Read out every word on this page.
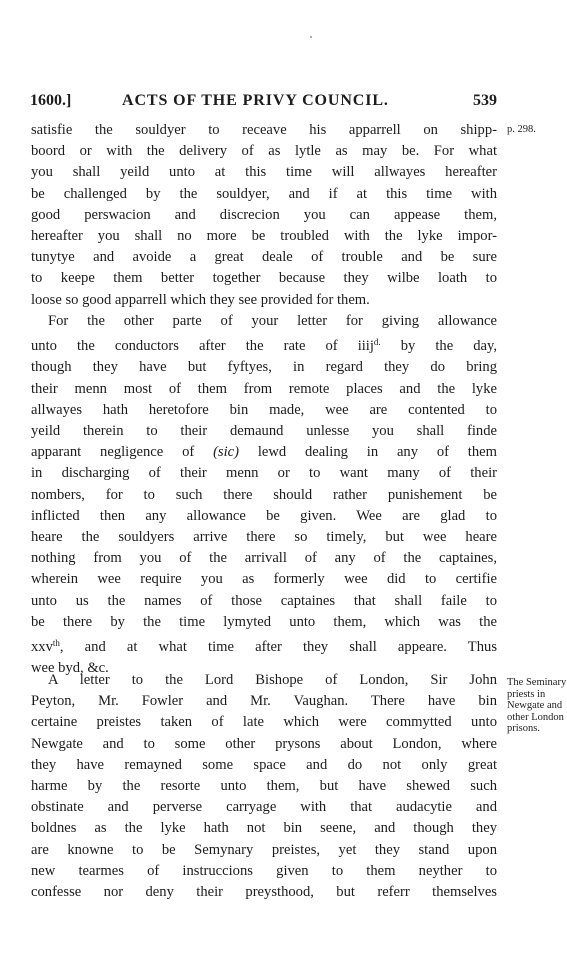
1600.]	ACTS OF THE PRIVY COUNCIL.	539
satisfie the souldyer to receave his apparrell on shipp-
boord or with the delivery of as lytle as may be. For what
you shall yeild unto at this time will allwayes hereafter
be challenged by the souldyer, and if at this time with
good perswacion and discrecion you can appease them,
hereafter you shall no more be troubled with the lyke impor-
tunytye and avoide a great deale of trouble and be sure
to keepe them better together because they wilbe loath to
loose so good apparrell which they see provided for them.
p. 298.
For the other parte of your letter for giving allowance
unto the conductors after the rate of iiij$^{d.}$ by the day,
though they have but fyftyes, in regard they do bring
their menn most of them from remote places and the lyke
allwayes hath heretofore bin made, wee are contented to
yeild therein to their demaund unlesse you shall finde
apparant negligence of (sic) lewd dealing in any of them
in discharging of their menn or to want many of their
nombers, for to such there should rather punishement be
inflicted then any allowance be given. Wee are glad to
heare the souldyers arrive there so timely, but wee heare
nothing from you of the arrivall of any of the captaines,
wherein wee require you as formerly wee did to certifie
unto us the names of those captaines that shall faile to
be there by the time lymyted unto them, which was the
xxv$^{th}$, and at what time after they shall appeare. Thus
wee byd, &c.
A letter to the Lord Bishope of London, Sir John
Peyton, Mr. Fowler and Mr. Vaughan. There have bin
certaine preistes taken of late which were commytted unto
Newgate and to some other prysons about London, where
they have remayned some space and do not only great
harme by the resorte unto them, but have shewed such
obstinate and perverse carryage with that audacytie and
boldnes as the lyke hath not bin seene, and though they
are knowne to be Semynary preistes, yet they stand upon
new tearmes of instruccions given to them neyther to
confesse nor deny their preysthood, but referr themselves
The Seminary
priests in
Newgate and
other London
prisons.
